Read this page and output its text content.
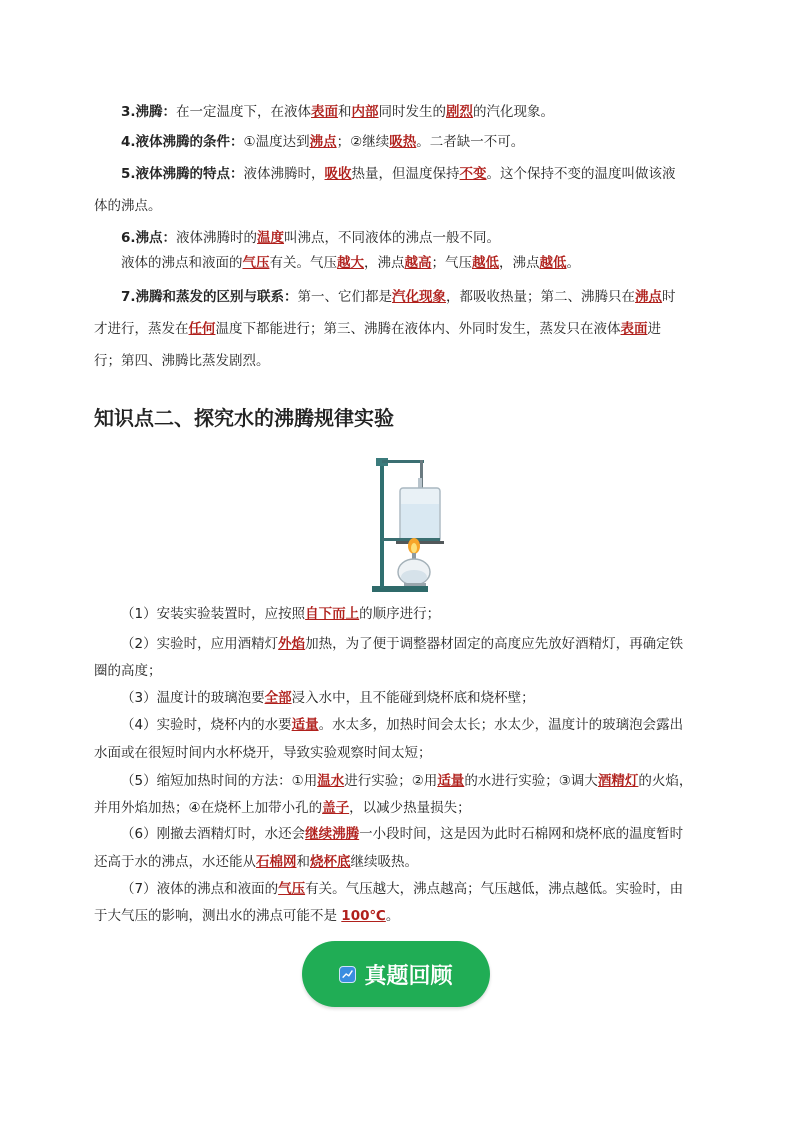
3.沸腾：在一定温度下，在液体表面和内部同时发生的剧烈的汽化现象。
4.液体沸腾的条件：①温度达到沸点；②继续吸热。二者缺一不可。
5.液体沸腾的特点：液体沸腾时，吸收热量，但温度保持不变。这个保持不变的温度叫做该液
体的沸点。
6.沸点：液体沸腾时的温度叫沸点，不同液体的沸点一般不同。
液体的沸点和液面的气压有关。气压越大，沸点越高；气压越低，沸点越低。
7.沸腾和蒸发的区别与联系：第一、它们都是汽化现象，都吸收热量；第二、沸腾只在沸点时
才进行，蒸发在任何温度下都能进行；第三、沸腾在液体内、外同时发生，蒸发只在液体表面进
行；第四、沸腾比蒸发剧烈。
知识点二、探究水的沸腾规律实验
（1）安装实验装置时，应按照自下而上的顺序进行；
（2）实验时，应用酒精灯外焰加热，为了便于调整器材固定的高度应先放好酒精灯，再确定铁
圈的高度；
（3）温度计的玻璃泡要全部浸入水中，且不能碰到烧杯底和烧杯壁；
（4）实验时，烧杯内的水要适量。水太多，加热时间会太长；水太少，温度计的玻璃泡会露出
水面或在很短时间内水杯烧开，导致实验观察时间太短；
（5）缩短加热时间的方法：①用温水进行实验；②用适量的水进行实验；③调大酒精灯的火焰，
并用外焰加热；④在烧杯上加带小孔的盖子，以减少热量损失；
（6）刚撤去酒精灯时，水还会继续沸腾一小段时间，这是因为此时石棉网和烧杯底的温度暂时
还高于水的沸点，水还能从石棉网和烧杯底继续吸热。
（7）液体的沸点和液面的气压有关。气压越大，沸点越高；气压越低，沸点越低。实验时，由
于大气压的影响，测出水的沸点可能不是 100℃。
真题回顾
